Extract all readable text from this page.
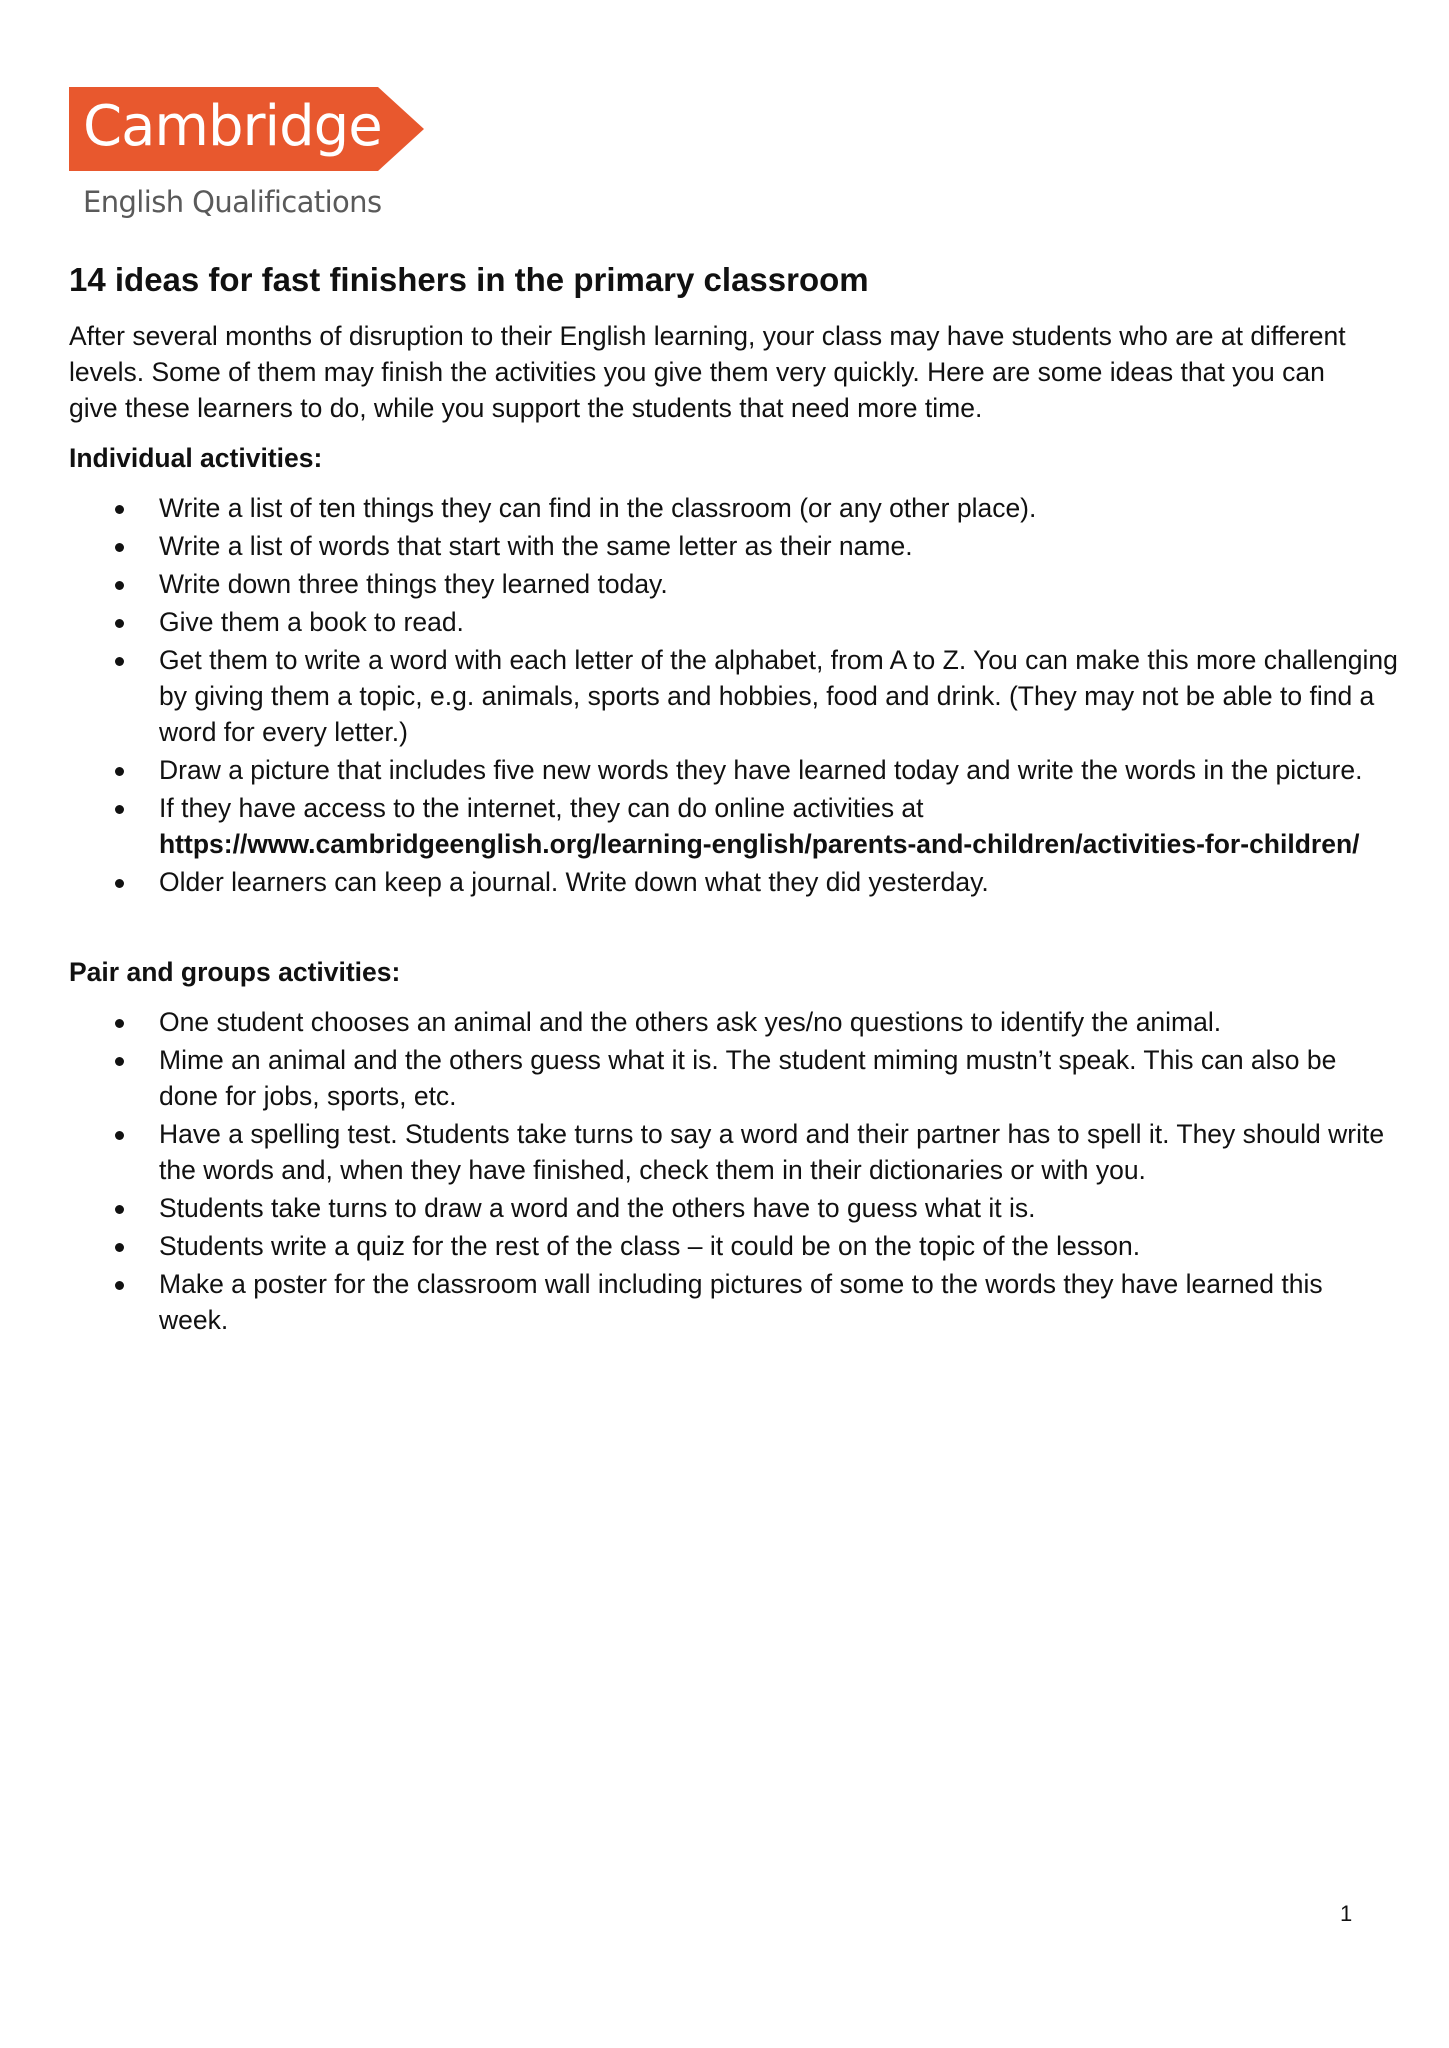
Cambridge
English Qualifications
14 ideas for fast finishers in the primary classroom

After several months of disruption to their English learning, your class may have students who are at different levels. Some of them may finish the activities you give them very quickly. Here are some ideas that you can give these learners to do, while you support the students that need more time.

Individual activities:
Write a list of ten things they can find in the classroom (or any other place).
Write a list of words that start with the same letter as their name.
Write down three things they learned today.
Give them a book to read.
Get them to write a word with each letter of the alphabet, from A to Z. You can make this more challenging by giving them a topic, e.g. animals, sports and hobbies, food and drink. (They may not be able to find a word for every letter.)
Draw a picture that includes five new words they have learned today and write the words in the picture.
If they have access to the internet, they can do online activities at
https://www.cambridgeenglish.org/learning-english/parents-and-children/activities-for-children/
Older learners can keep a journal. Write down what they did yesterday.
Pair and groups activities:
One student chooses an animal and the others ask yes/no questions to identify the animal.
Mime an animal and the others guess what it is. The student miming mustn’t speak. This can also be done for jobs, sports, etc.
Have a spelling test. Students take turns to say a word and their partner has to spell it. They should write the words and, when they have finished, check them in their dictionaries or with you.
Students take turns to draw a word and the others have to guess what it is.
Students write a quiz for the rest of the class – it could be on the topic of the lesson.
Make a poster for the classroom wall including pictures of some to the words they have learned this week.
1
